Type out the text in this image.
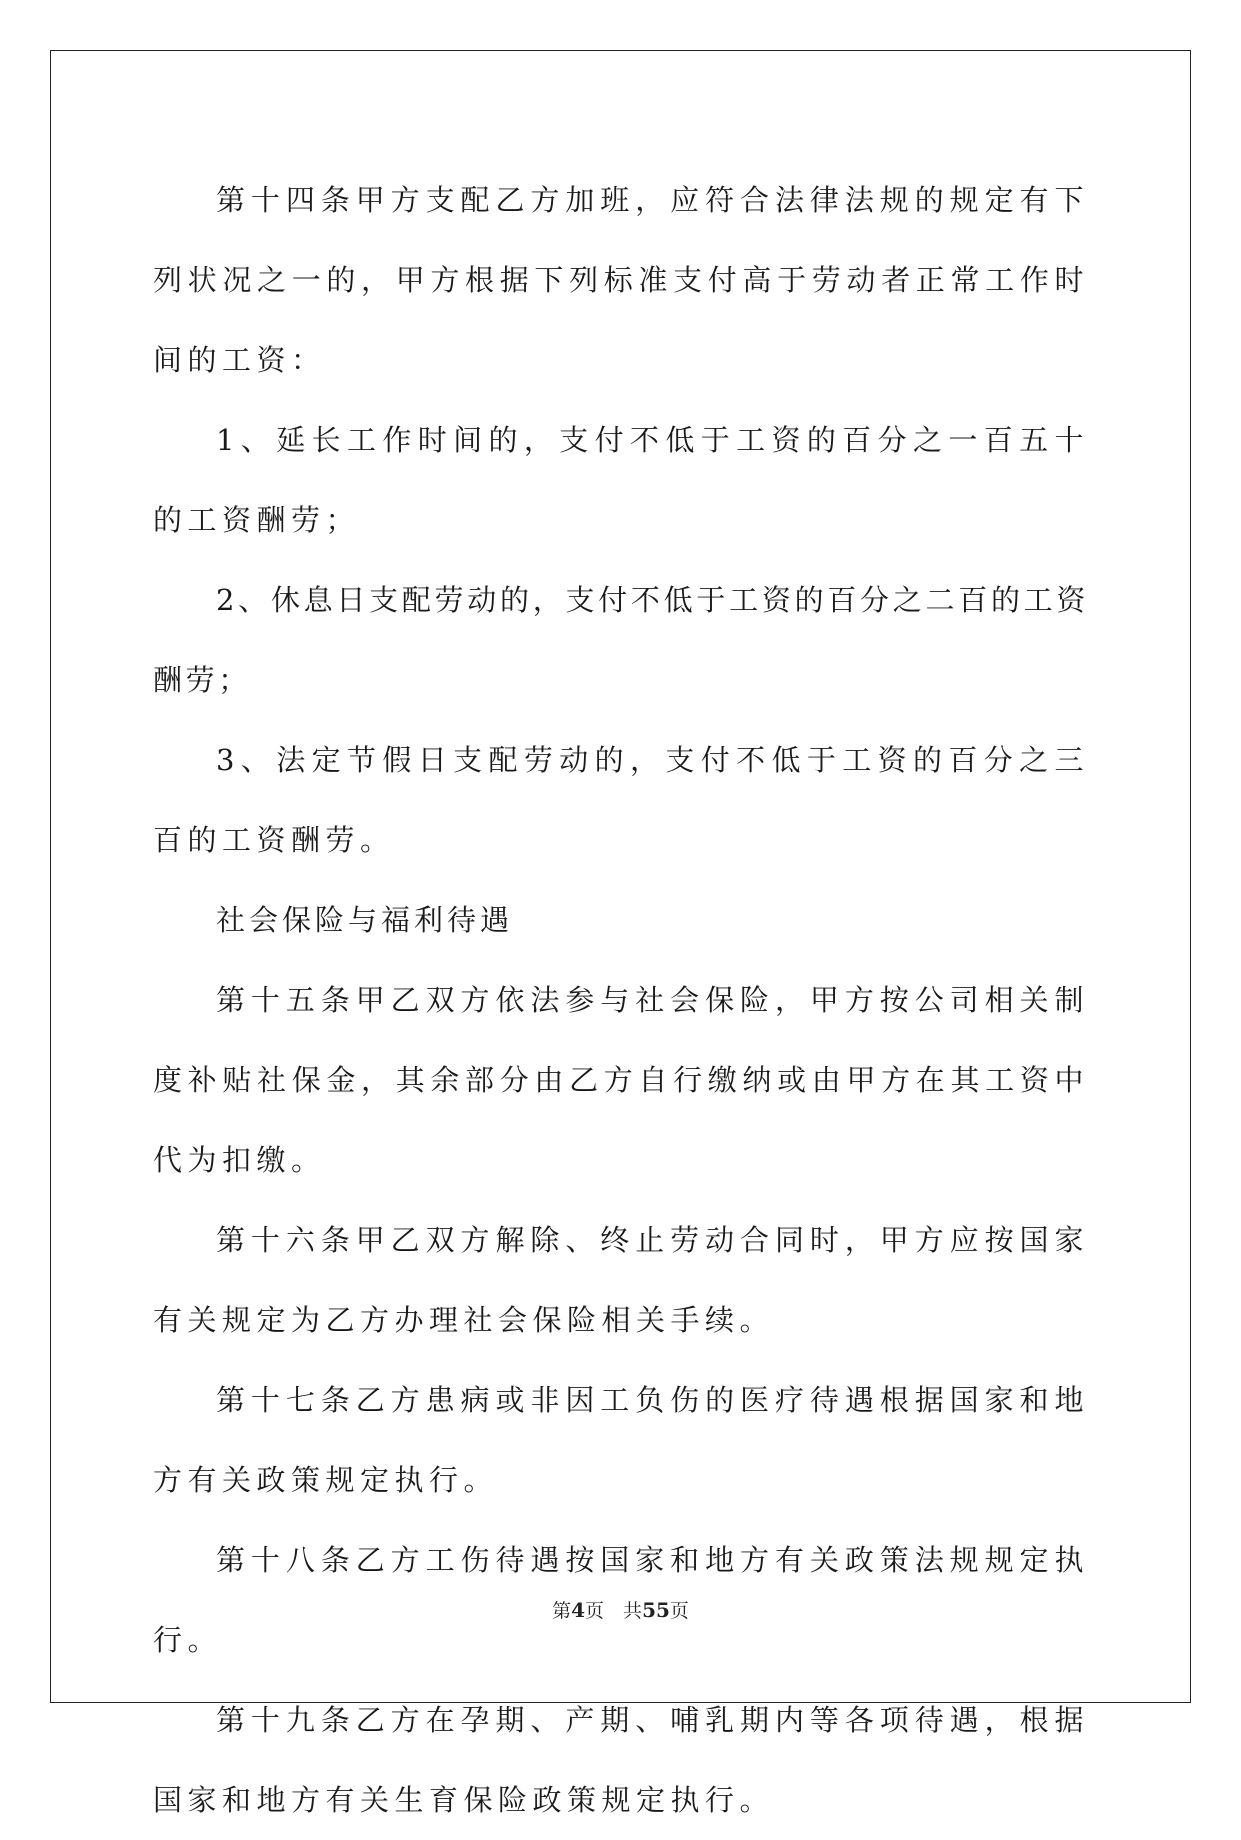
第十四条甲方支配乙方加班，应符合法律法规的规定有下列状况之一的，甲方根据下列标准支付高于劳动者正常工作时间的工资：

1、延长工作时间的，支付不低于工资的百分之一百五十的工资酬劳；

2、休息日支配劳动的，支付不低于工资的百分之二百的工资酬劳；

3、法定节假日支配劳动的，支付不低于工资的百分之三百的工资酬劳。

社会保险与福利待遇

第十五条甲乙双方依法参与社会保险，甲方按公司相关制度补贴社保金，其余部分由乙方自行缴纳或由甲方在其工资中代为扣缴。

第十六条甲乙双方解除、终止劳动合同时，甲方应按国家有关规定为乙方办理社会保险相关手续。

第十七条乙方患病或非因工负伤的医疗待遇根据国家和地方有关政策规定执行。

第十八条乙方工伤待遇按国家和地方有关政策法规规定执行。

第十九条乙方在孕期、产期、哺乳期内等各项待遇，根据国家和地方有关生育保险政策规定执行。

第4页　 共55页
